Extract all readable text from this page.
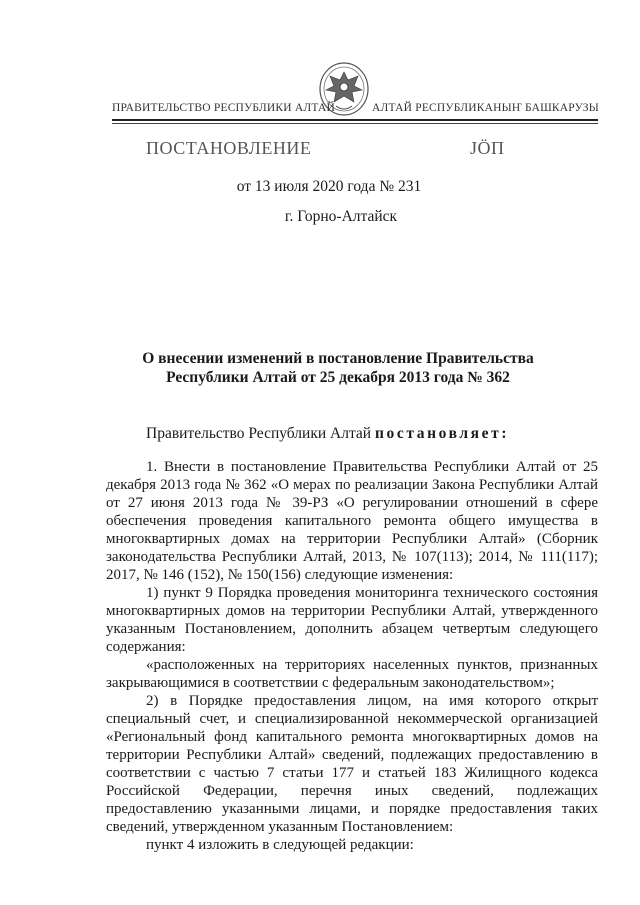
ПРАВИТЕЛЬСТВО РЕСПУБЛИКИ АЛТАЙ	АЛТАЙ РЕСПУБЛИКАНЫҤ БАШКАРУЗЫ
ПОСТАНОВЛЕНИЕ	JӦП
от 13 июля 2020 года № 231
г. Горно-Алтайск
О внесении изменений в постановление Правительства Республики Алтай от 25 декабря 2013 года № 362
Правительство Республики Алтай постановляет:

1. Внести в постановление Правительства Республики Алтай от 25 декабря 2013 года № 362 «О мерах по реализации Закона Республики Алтай от 27 июня 2013 года № 39-РЗ «О регулировании отношений в сфере обеспечения проведения капитального ремонта общего имущества в многоквартирных домах на территории Республики Алтай» (Сборник законодательства Республики Алтай, 2013, № 107(113); 2014, № 111(117); 2017, № 146 (152), № 150(156) следующие изменения:

1) пункт 9 Порядка проведения мониторинга технического состояния многоквартирных домов на территории Республики Алтай, утвержденного указанным Постановлением, дополнить абзацем четвертым следующего содержания:

«расположенных на территориях населенных пунктов, признанных закрывающимися в соответствии с федеральным законодательством»;

2) в Порядке предоставления лицом, на имя которого открыт специальный счет, и специализированной некоммерческой организацией «Региональный фонд капитального ремонта многоквартирных домов на территории Республики Алтай» сведений, подлежащих предоставлению в соответствии с частью 7 статьи 177 и статьей 183 Жилищного кодекса Российской Федерации, перечня иных сведений, подлежащих предоставлению указанными лицами, и порядке предоставления таких сведений, утвержденном указанным Постановлением:

пункт 4 изложить в следующей редакции:
